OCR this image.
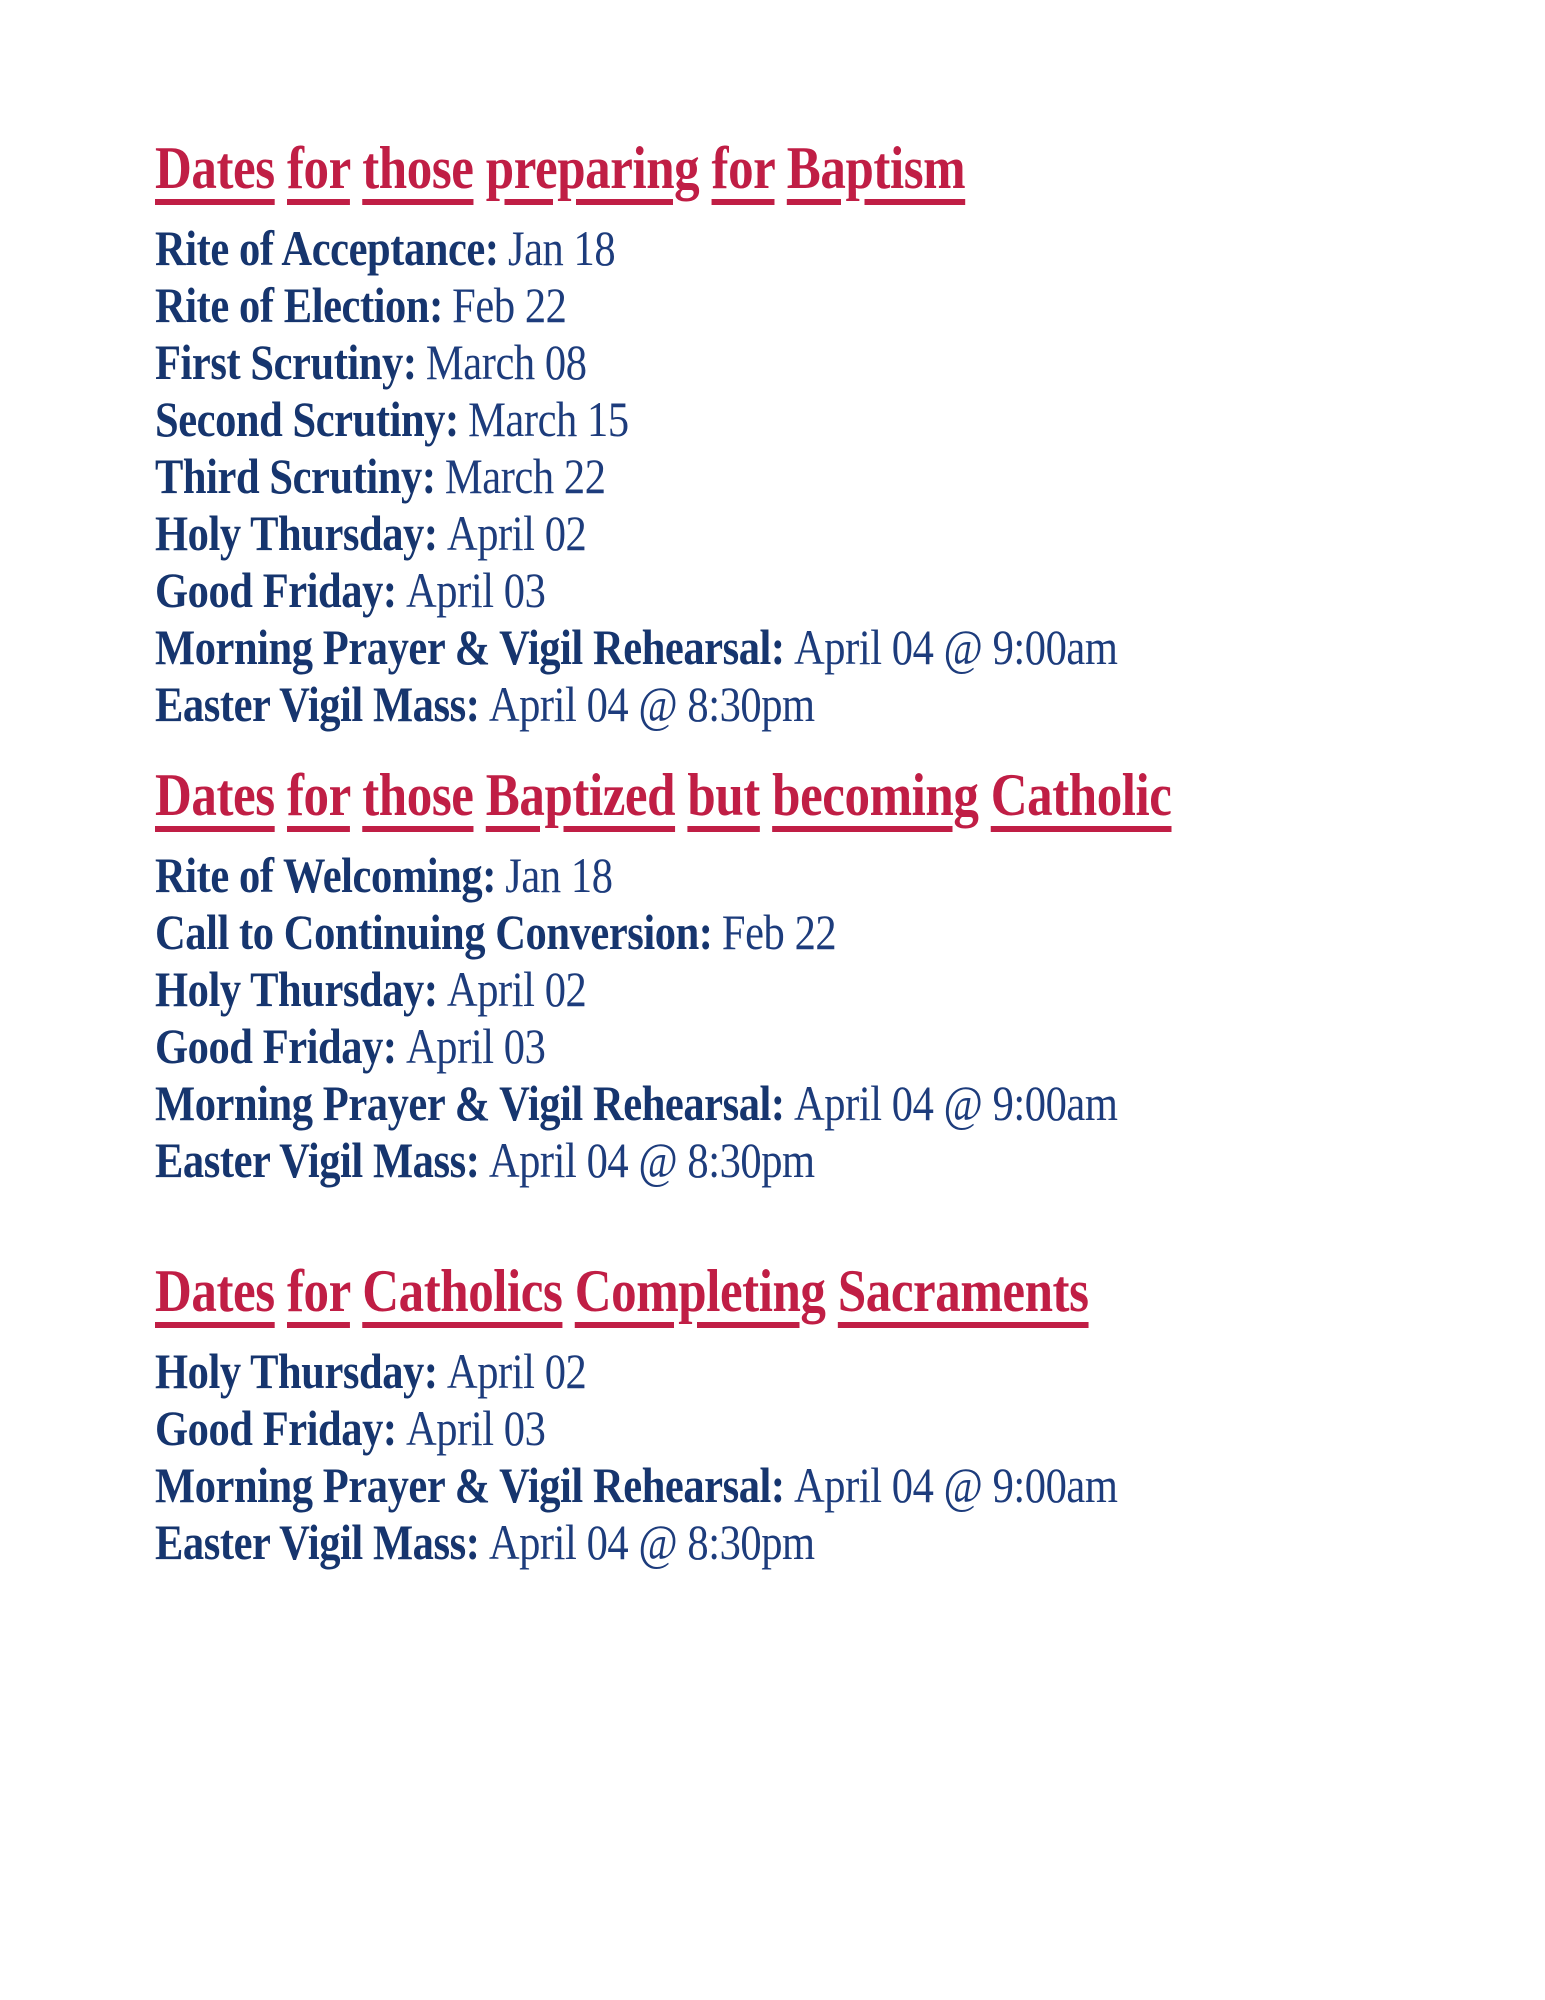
Dates for those preparing for Baptism

Rite of Acceptance: Jan 18

Rite of Election: Feb 22

First Scrutiny: March 08

Second Scrutiny: March 15

Third Scrutiny: March 22

Holy Thursday: April 02

Good Friday: April 03

Morning Prayer & Vigil Rehearsal: April 04 @ 9:00am

Easter Vigil Mass: April 04 @ 8:30pm

Dates for those Baptized but becoming Catholic

Rite of Welcoming: Jan 18

Call to Continuing Conversion: Feb 22

Holy Thursday: April 02

Good Friday: April 03

Morning Prayer & Vigil Rehearsal: April 04 @ 9:00am

Easter Vigil Mass: April 04 @ 8:30pm

Dates for Catholics Completing Sacraments

Holy Thursday: April 02

Good Friday: April 03

Morning Prayer & Vigil Rehearsal: April 04 @ 9:00am

Easter Vigil Mass: April 04 @ 8:30pm
